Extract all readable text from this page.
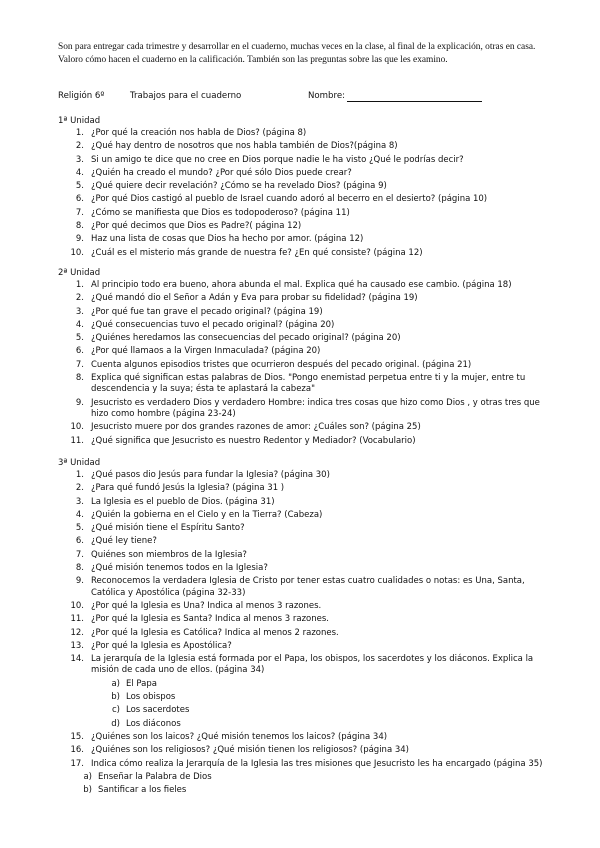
Son para entregar cada trimestre y desarrollar en el cuaderno, muchas veces en la clase, al final de la explicación, otras en casa. Valoro cómo hacen el cuaderno en la calificación. También son las preguntas sobre las que les examino.
Religión 6º	Trabajos para el cuaderno	Nombre:
1ª Unidad
1. ¿Por qué la creación nos habla de Dios? (página 8)
2. ¿Qué hay dentro de nosotros que nos habla también de Dios?(página 8)
3. Si un amigo te dice que no cree en Dios porque nadie le ha visto ¿Qué le podrías decir?
4. ¿Quién ha creado el mundo? ¿Por qué sólo Dios puede crear?
5. ¿Qué quiere decir revelación? ¿Cómo se ha revelado Dios? (página 9)
6. ¿Por qué Dios castigó al pueblo de Israel cuando adoró al becerro en el desierto? (página 10)
7. ¿Cómo se manifiesta que Dios es todopoderoso? (página 11)
8. ¿Por qué decimos que Dios es Padre?( página 12)
9. Haz una lista de cosas que Dios ha hecho por amor. (página 12)
10. ¿Cuál es el misterio más grande de nuestra fe? ¿En qué consiste? (página 12)
2ª Unidad
1. Al principio todo era bueno, ahora abunda el mal. Explica qué ha causado ese cambio. (página 18)
2. ¿Qué mandó dio el Señor a Adán y Eva para probar su fidelidad? (página 19)
3. ¿Por qué fue tan grave el pecado original? (página 19)
4. ¿Qué consecuencias tuvo el pecado original? (página 20)
5. ¿Quiénes heredamos las consecuencias del pecado original? (página 20)
6. ¿Por qué llamaos a la Virgen Inmaculada? (página 20)
7. Cuenta algunos episodios tristes que ocurrieron después del pecado original. (página 21)
8. Explica qué significan estas palabras de Dios. "Pongo enemistad perpetua entre ti y la mujer, entre tu descendencia y la suya; ésta te aplastará la cabeza"
9. Jesucristo es verdadero Dios y verdadero Hombre: indica tres cosas que hizo como Dios , y otras tres que hizo como hombre (página 23-24)
10. Jesucristo muere por dos grandes razones de amor: ¿Cuáles son? (página 25)
11. ¿Qué significa que Jesucristo es nuestro Redentor y Mediador? (Vocabulario)
3ª Unidad
1. ¿Qué pasos dio Jesús para fundar la Iglesia? (página 30)
2. ¿Para qué fundó Jesús la Iglesia? (página 31 )
3. La Iglesia es el pueblo de Dios. (página 31)
4. ¿Quién la gobierna en el Cielo y en la Tierra? (Cabeza)
5. ¿Qué misión tiene el Espíritu Santo?
6. ¿Qué ley tiene?
7. Quiénes son miembros de la Iglesia?
8. ¿Qué misión tenemos todos en la Iglesia?
9. Reconocemos la verdadera Iglesia de Cristo por tener estas cuatro cualidades o notas: es Una, Santa, Católica y Apostólica (página 32-33)
10. ¿Por qué la Iglesia es Una? Indica al menos 3 razones.
11. ¿Por qué la Iglesia es Santa? Indica al menos 3 razones.
12. ¿Por qué la Iglesia es Católica? Indica al menos 2 razones.
13. ¿Por qué la Iglesia es Apostólica?
14. La jerarquía de la Iglesia está formada por el Papa, los obispos, los sacerdotes y los diáconos. Explica la misión de cada uno de ellos. (página 34)
a) El Papa
b) Los obispos
c) Los sacerdotes
d) Los diáconos
15. ¿Quiénes son los laicos? ¿Qué misión tenemos los laicos? (página 34)
16. ¿Quiénes son los religiosos? ¿Qué misión tienen los religiosos? (página 34)
17. Indica cómo realiza la Jerarquía de la Iglesia las tres misiones que Jesucristo les ha encargado (página 35)
a) Enseñar la Palabra de Dios
b) Santificar a los fieles
